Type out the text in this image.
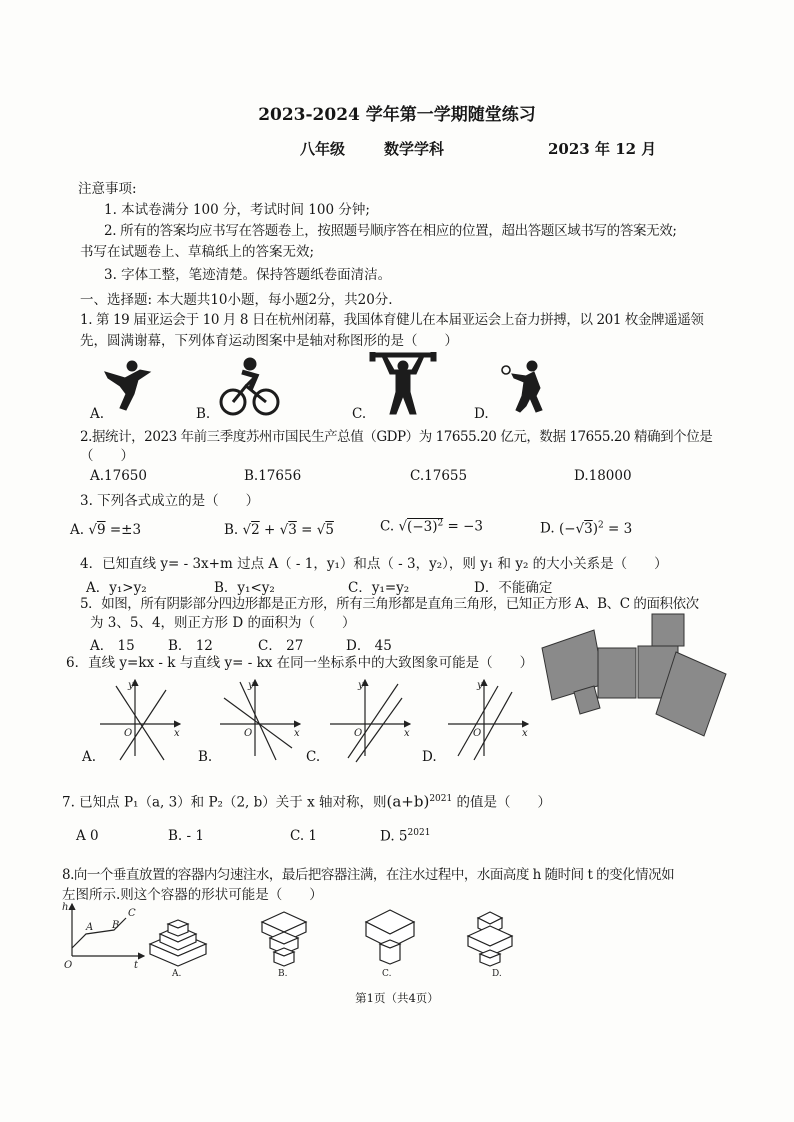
2023-2024 学年第一学期随堂练习
八年级	数学学科	2023 年 12 月
注意事项:
1. 本试卷满分 100 分，考试时间 100 分钟;
2. 所有的答案均应书写在答题卷上，按照题号顺序答在相应的位置，超出答题区域书写的答案无效;
书写在试题卷上、草稿纸上的答案无效;
3. 字体工整，笔迹清楚。保持答题纸卷面清洁。
一、选择题: 本大题共10小题，每小题2分，共20分.
1. 第 19 届亚运会于 10 月 8 日在杭州闭幕，我国体育健儿在本届亚运会上奋力拼搏，以 201 枚金牌遥遥领
先，圆满谢幕，下列体育运动图案中是轴对称图形的是（　　）
A.	B.	C.	D.
2.据统计，2023 年前三季度苏州市国民生产总值（GDP）为 17655.20 亿元，数据 17655.20 精确到个位是
（　　）
A.17650	B.17656	C.17655	D.18000
3. 下列各式成立的是（　　）
A. √9 =±3	B. √2 + √3 = √5	C. $√(-3)^2 = -3$	D. $(-√3)^2 = 3$
4．已知直线 y= - 3x+m 过点 A（ - 1，y₁）和点（ - 3，y₂），则 y₁ 和 y₂ 的大小关系是（　　）
A．y₁>y₂	B．y₁<y₂	C．y₁=y₂	D．不能确定
5．如图，所有阴影部分四边形都是正方形，所有三角形都是直角三角形，已知正方形 A、B、C 的面积依次
为 3、5、4，则正方形 D 的面积为（　　）
A． 15 B． 12	C． 27	D． 45
6．直线 y=kx - k 与直线 y= - kx 在同一坐标系中的大致图象可能是（　　）
y
x
O
y
x
O
y
x
O
y
x
O
A.	B.	C.	D.
7. 已知点 P₁（a, 3）和 P₂（2, b）关于 x 轴对称，则$(a+b)^{2021}$ 的值是（　　）
A 0	B. - 1	C. 1	D. $5^{2021}$
8.向一个垂直放置的容器内匀速注水，最后把容器注满，在注水过程中，水面高度 h 随时间 t 的变化情况如
左图所示.则这个容器的形状可能是（　　）
h
t
O
A B
C
A.	B.	C.	D.
第1页（共4页）
